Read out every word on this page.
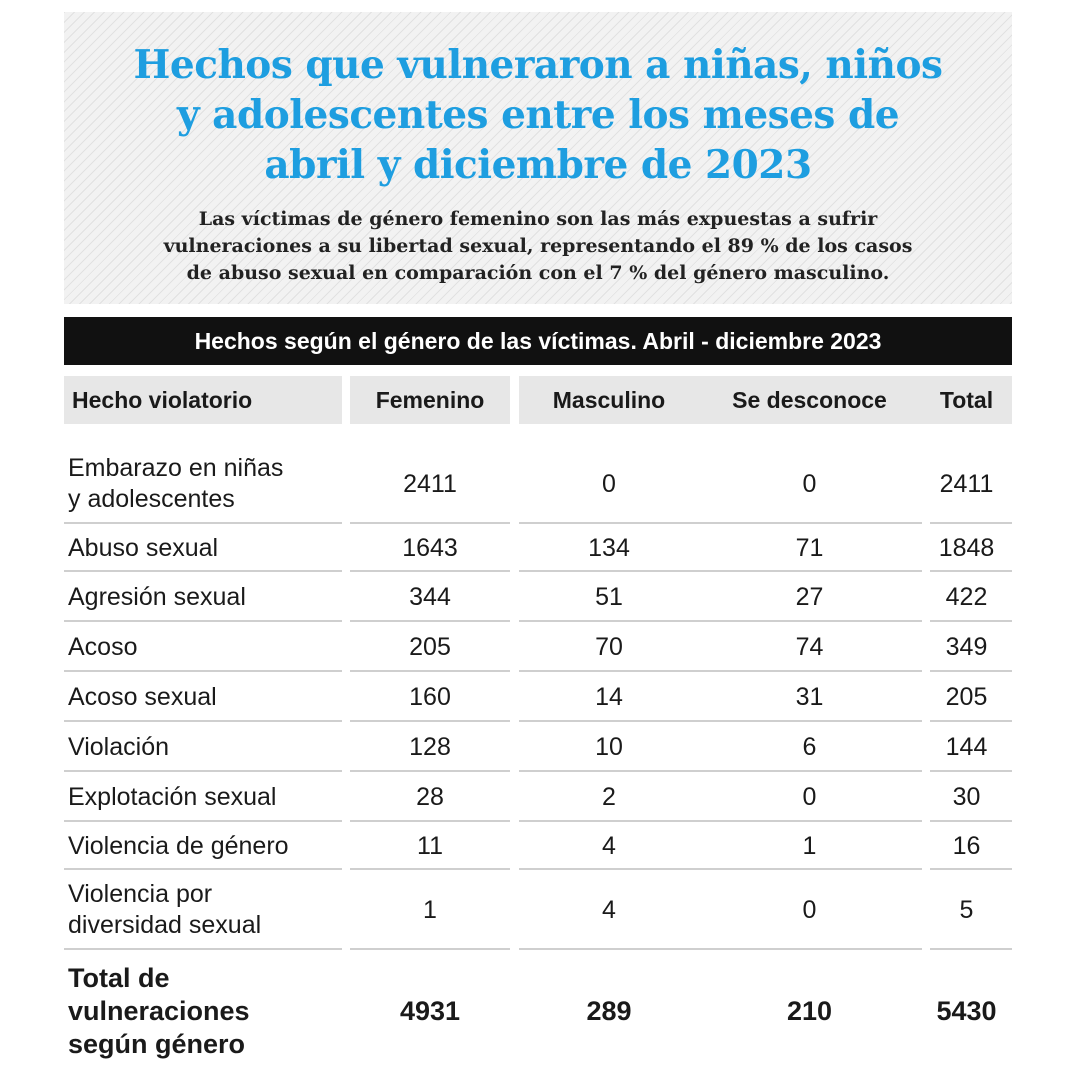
Hechos que vulneraron a niñas, niños
y adolescentes entre los meses de
abril y diciembre de 2023
Las víctimas de género femenino son las más expuestas a sufrir
vulneraciones a su libertad sexual, representando el 89 % de los casos
de abuso sexual en comparación con el 7 % del género masculino.
Hechos según el género de las víctimas. Abril - diciembre 2023
Hecho violatorio	Femenino	Masculino	Se desconoce	Total
Embarazo en niñas
y adolescentes
2411	0	0	2411
Abuso sexual	1643	134	71	1848
Agresión sexual	344	51	27	422
Acoso	205	70	74	349
Acoso sexual	160	14	31	205
Violación	128	10	6	144
Explotación sexual	28	2	0	30
Violencia de género	11	4	1	16
Violencia por
diversidad sexual
1	4	0	5
Total de
vulneraciones
según género
4931	289	210	5430
